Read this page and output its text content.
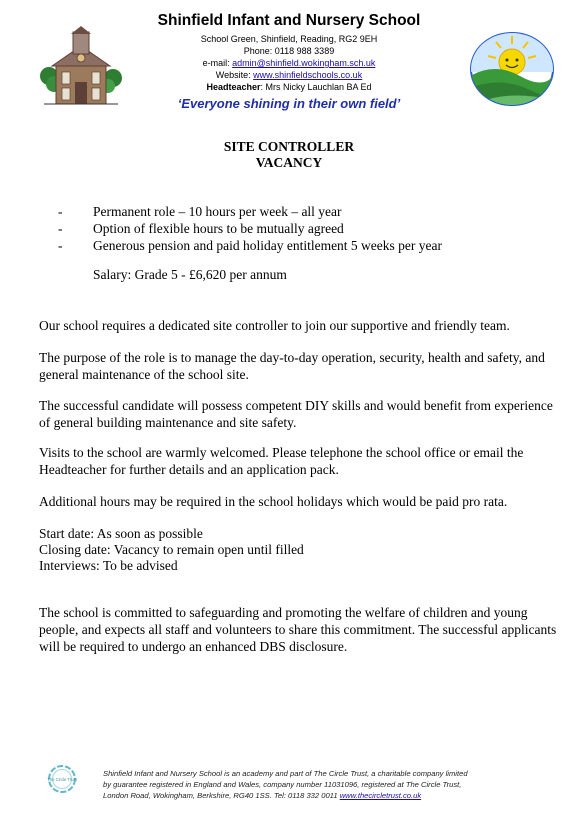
Shinfield Infant and Nursery School
School Green, Shinfield, Reading, RG2 9EH
Phone: 0118 988 3389
e-mail: admin@shinfield.wokingham.sch.uk
Website: www.shinfieldschools.co.uk
Headteacher: Mrs Nicky Lauchlan BA Ed
‘Everyone shining in their own field’
SITE CONTROLLER
VACANCY
- Permanent role – 10 hours per week – all year
- Option of flexible hours to be mutually agreed
- Generous pension and paid holiday entitlement 5 weeks per year
Salary: Grade 5 - £6,620 per annum
Our school requires a dedicated site controller to join our supportive and friendly team.
The purpose of the role is to manage the day-to-day operation, security, health and safety, and general maintenance of the school site.
The successful candidate will possess competent DIY skills and would benefit from experience of general building maintenance and site safety.
Visits to the school are warmly welcomed. Please telephone the school office or email the Headteacher for further details and an application pack.
Additional hours may be required in the school holidays which would be paid pro rata.
Start date: As soon as possible
Closing date: Vacancy to remain open until filled
Interviews: To be advised
The school is committed to safeguarding and promoting the welfare of children and young people, and expects all staff and volunteers to share this commitment. The successful applicants will be required to undergo an enhanced DBS disclosure.
The Circle Trust
Shinfield Infant and Nursery School is an academy and part of The Circle Trust, a charitable company limited
by guarantee registered in England and Wales, company number 11031096, registered at The Circle Trust,
London Road, Wokingham, Berkshire, RG40 1SS. Tel: 0118 332 0011 www.thecircletrust.co.uk
